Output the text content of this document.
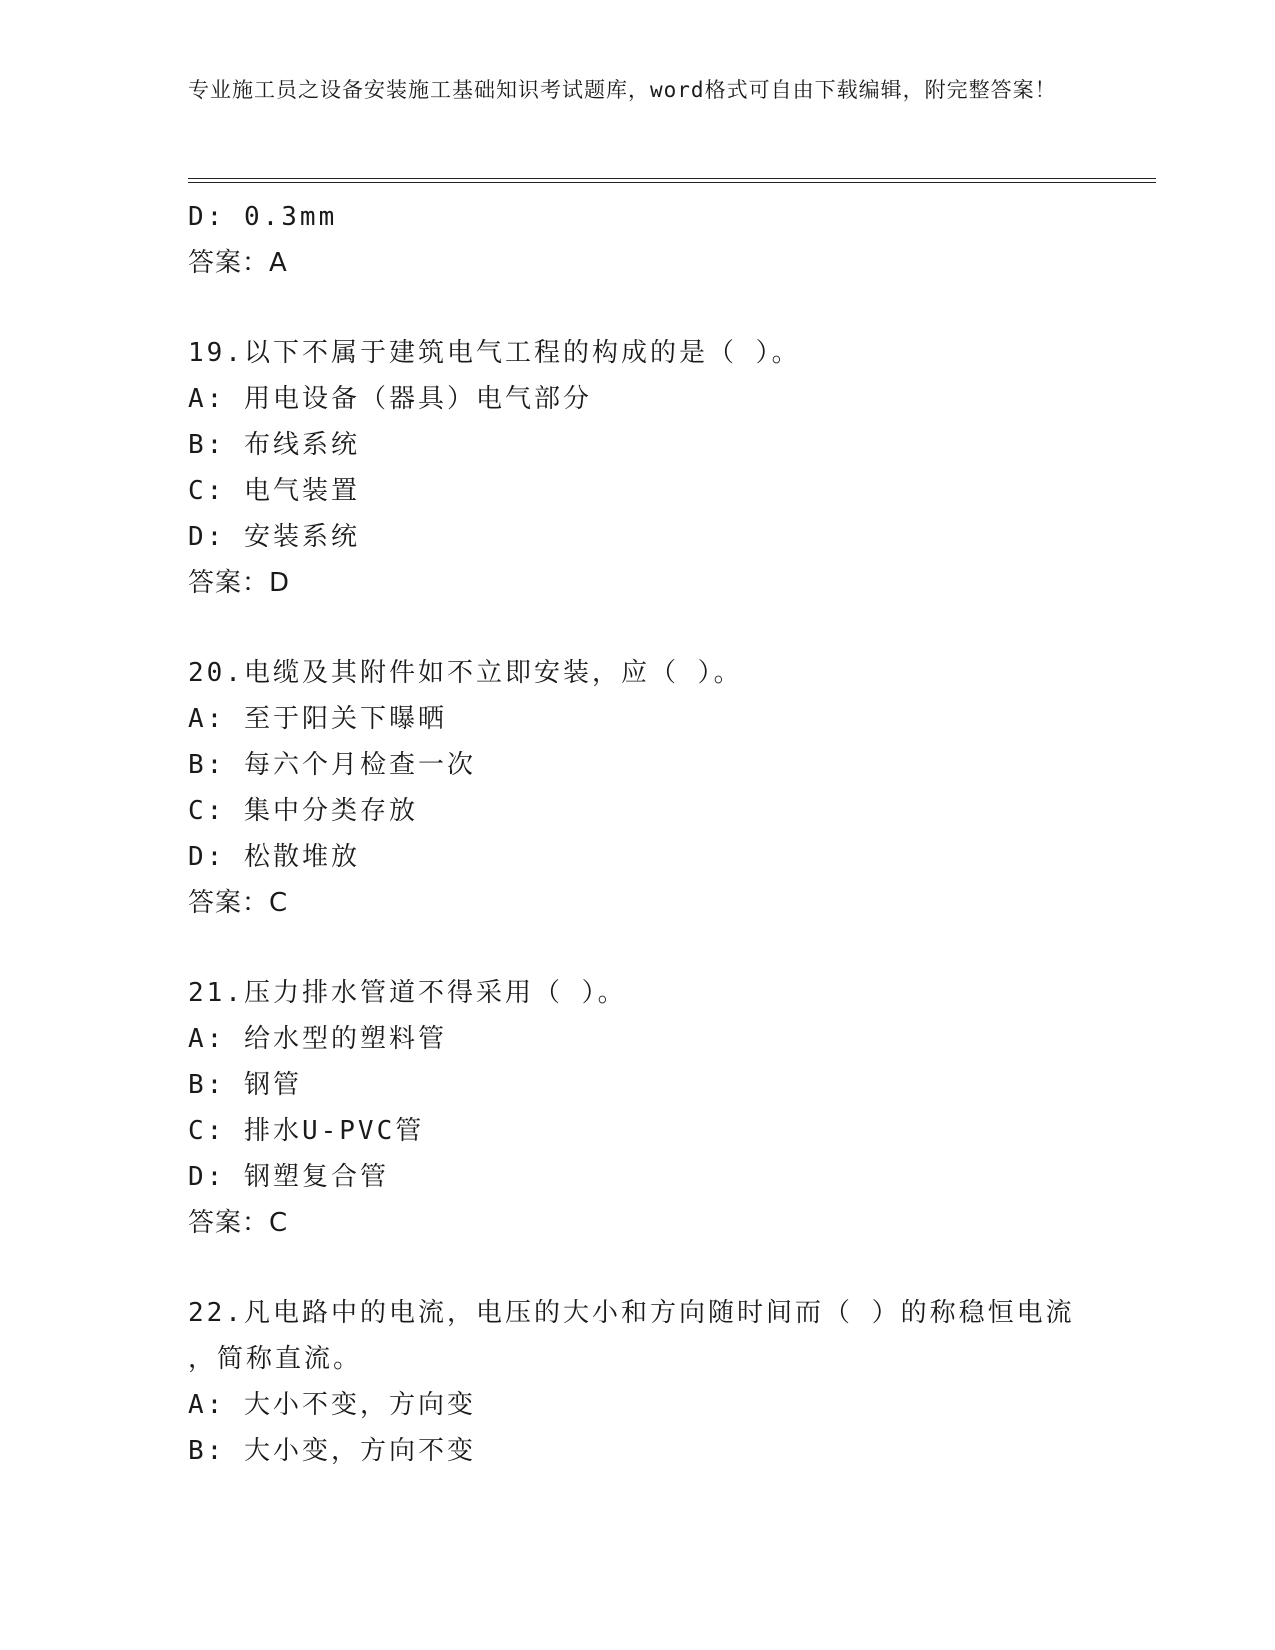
专业施工员之设备安装施工基础知识考试题库，word格式可自由下载编辑，附完整答案！
D: 0.3mm
答案：A
19.以下不属于建筑电气工程的构成的是（ ）。
A: 用电设备（器具）电气部分
B: 布线系统
C: 电气装置
D: 安装系统
答案：D
20.电缆及其附件如不立即安装，应（ ）。
A: 至于阳关下曝晒
B: 每六个月检查一次
C: 集中分类存放
D: 松散堆放
答案：C
21.压力排水管道不得采用（ ）。
A: 给水型的塑料管
B: 钢管
C: 排水U-PVC管
D: 钢塑复合管
答案：C
22.凡电路中的电流，电压的大小和方向随时间而（ ）的称稳恒电流
，简称直流。
A: 大小不变，方向变
B: 大小变，方向不变
